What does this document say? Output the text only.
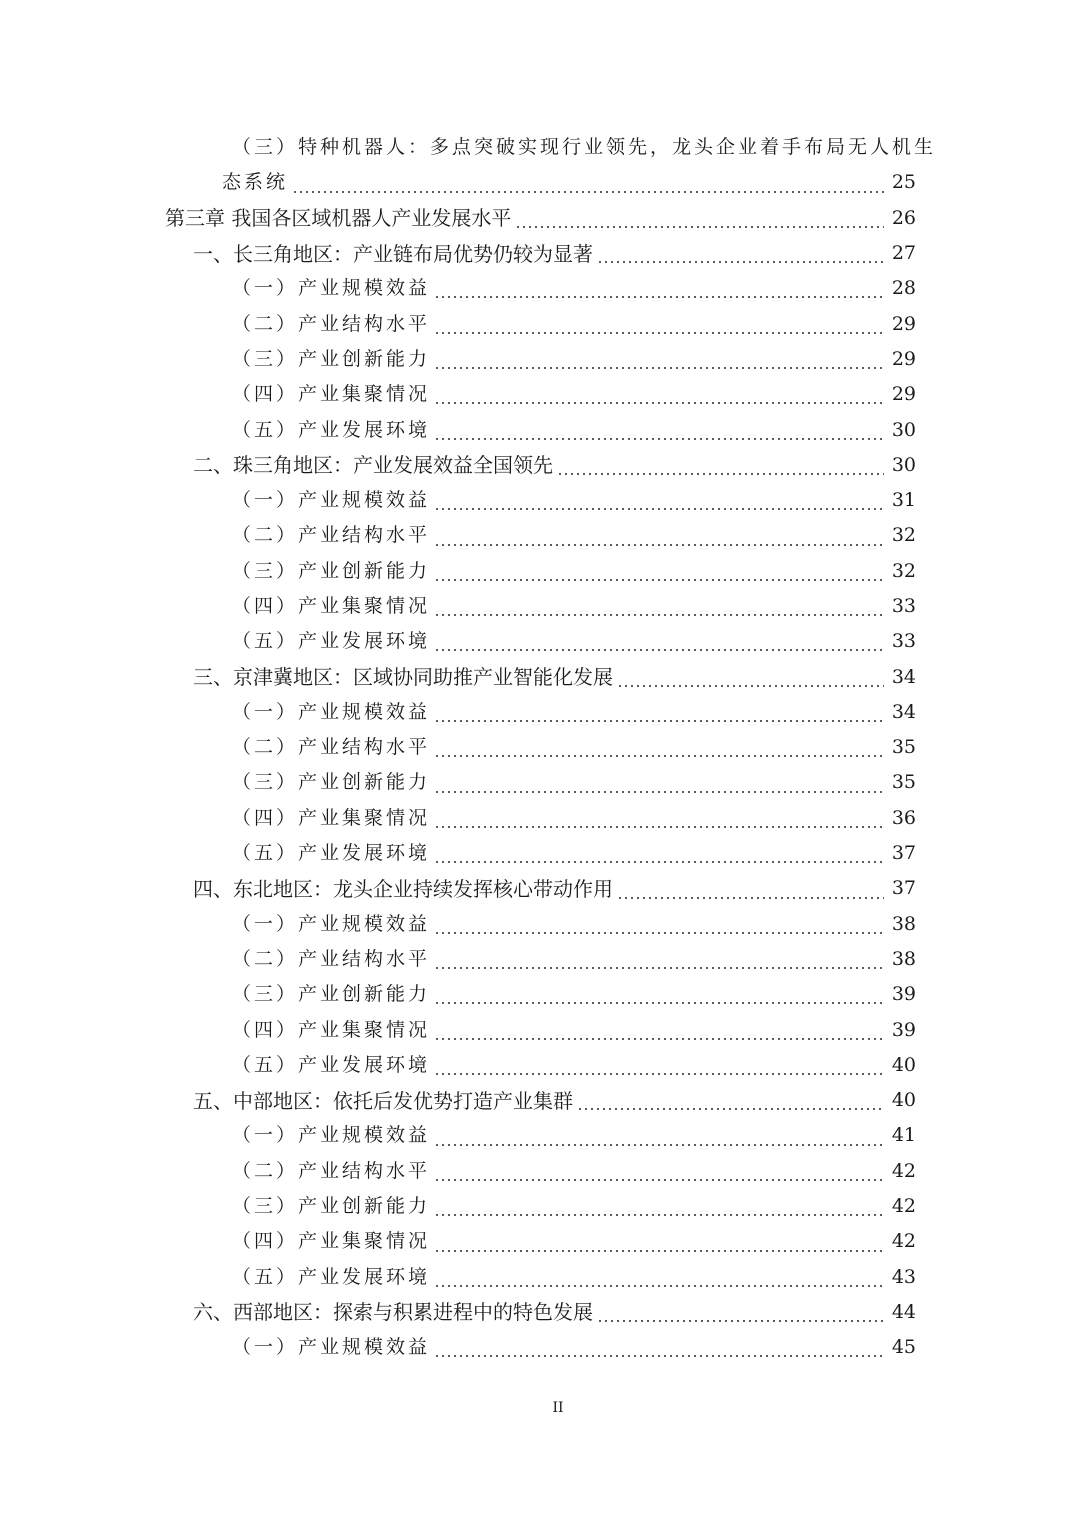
（三）特种机器人：多点突破实现行业领先，龙头企业着手布局无人机生
态系统	25
第三章 我国各区域机器人产业发展水平	26
一、长三角地区：产业链布局优势仍较为显著	27
（一）产业规模效益	28
（二）产业结构水平	29
（三）产业创新能力	29
（四）产业集聚情况	29
（五）产业发展环境	30
二、珠三角地区：产业发展效益全国领先	30
（一）产业规模效益	31
（二）产业结构水平	32
（三）产业创新能力	32
（四）产业集聚情况	33
（五）产业发展环境	33
三、京津冀地区：区域协同助推产业智能化发展	34
（一）产业规模效益	34
（二）产业结构水平	35
（三）产业创新能力	35
（四）产业集聚情况	36
（五）产业发展环境	37
四、东北地区：龙头企业持续发挥核心带动作用	37
（一）产业规模效益	38
（二）产业结构水平	38
（三）产业创新能力	39
（四）产业集聚情况	39
（五）产业发展环境	40
五、中部地区：依托后发优势打造产业集群	40
（一）产业规模效益	41
（二）产业结构水平	42
（三）产业创新能力	42
（四）产业集聚情况	42
（五）产业发展环境	43
六、西部地区：探索与积累进程中的特色发展	44
（一）产业规模效益	45
II
